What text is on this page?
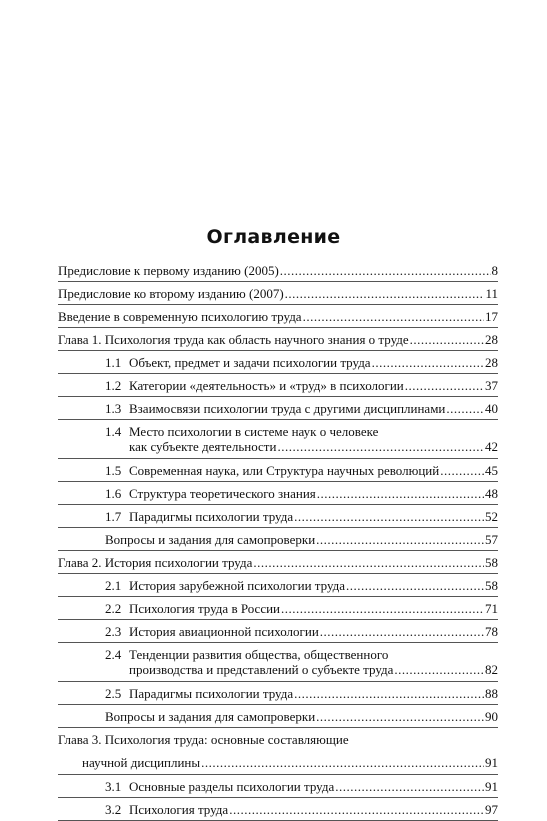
Оглавление
Предисловие к первому изданию (2005) .....	8
Предисловие ко второму изданию (2007) .....	11
Введение в современную психологию труда .....	17
Глава 1. Психология труда как область научного знания о труде .....	28
1.1 Объект, предмет и задачи психологии труда .....	28
1.2 Категории «деятельность» и «труд» в психологии .....	37
1.3 Взаимосвязи психологии труда с другими дисциплинами .....	40
1.4 Место психологии в системе наук о человеке
как субъекте деятельности .....	42
1.5 Современная наука, или Структура научных революций .....	45
1.6 Структура теоретического знания .....	48
1.7 Парадигмы психологии труда .....	52
Вопросы и задания для самопроверки .....	57
Глава 2. История психологии труда .....	58
2.1 История зарубежной психологии труда .....	58
2.2 Психология труда в России .....	71
2.3 История авиационной психологии .....	78
2.4 Тенденции развития общества, общественного
производства и представлений о субъекте труда .....	82
2.5 Парадигмы психологии труда .....	88
Вопросы и задания для самопроверки .....	90
Глава 3. Психология труда: основные составляющие
научной дисциплины .....	91
3.1 Основные разделы психологии труда .....	91
3.2 Психология труда .....	97
